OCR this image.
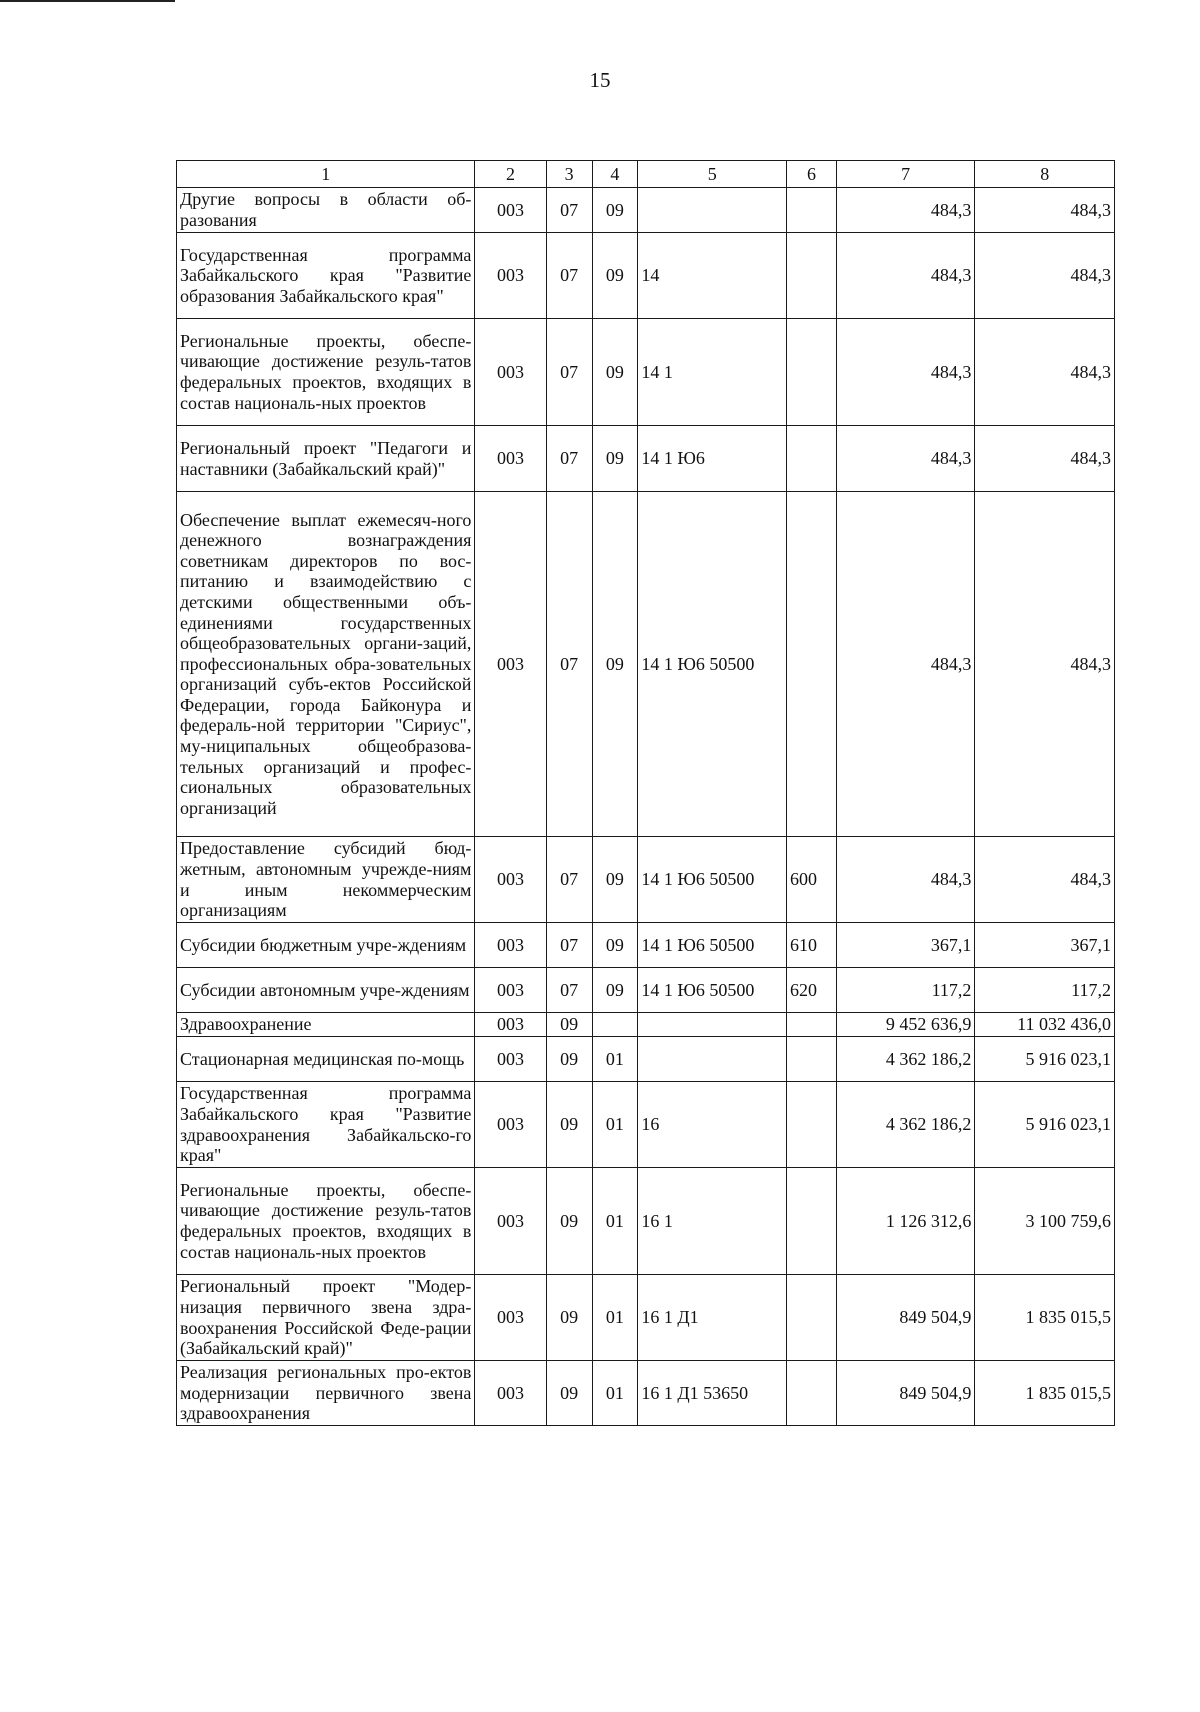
15
1	2	3	4	5	6	7	8
Другие вопросы в области об-разования	003	07	09			484,3	484,3
Государственная программа Забайкальского края "Развитие образования Забайкальского края"	003	07	09	14		484,3	484,3
Региональные проекты, обеспе-чивающие достижение резуль-татов федеральных проектов, входящих в состав националь-ных проектов	003	07	09	14 1		484,3	484,3
Региональный проект "Педагоги и наставники (Забайкальский край)"	003	07	09	14 1 Ю6		484,3	484,3
Обеспечение выплат ежемесяч-ного денежного вознаграждения советникам директоров по вос-питанию и взаимодействию с детскими общественными объ-единениями государственных общеобразовательных органи-заций, профессиональных обра-зовательных организаций субъ-ектов Российской Федерации, города Байконура и федераль-ной территории "Сириус", му-ниципальных общеобразова-тельных организаций и профес-сиональных образовательных организаций	003	07	09	14 1 Ю6 50500		484,3	484,3
Предоставление субсидий бюд-жетным, автономным учрежде-ниям и иным некоммерческим организациям	003	07	09	14 1 Ю6 50500	600	484,3	484,3
Субсидии бюджетным учре-ждениям	003	07	09	14 1 Ю6 50500	610	367,1	367,1
Субсидии автономным учре-ждениям	003	07	09	14 1 Ю6 50500	620	117,2	117,2
Здравоохранение	003	09				9 452 636,9	11 032 436,0
Стационарная медицинская по-мощь	003	09	01			4 362 186,2	5 916 023,1
Государственная программа Забайкальского края "Развитие здравоохранения Забайкальско-го края"	003	09	01	16		4 362 186,2	5 916 023,1
Региональные проекты, обеспе-чивающие достижение резуль-татов федеральных проектов, входящих в состав националь-ных проектов	003	09	01	16 1		1 126 312,6	3 100 759,6
Региональный проект "Модер-низация первичного звена здра-воохранения Российской Феде-рации (Забайкальский край)"	003	09	01	16 1 Д1		849 504,9	1 835 015,5
Реализация региональных про-ектов модернизации первичного звена здравоохранения	003	09	01	16 1 Д1 53650		849 504,9	1 835 015,5
